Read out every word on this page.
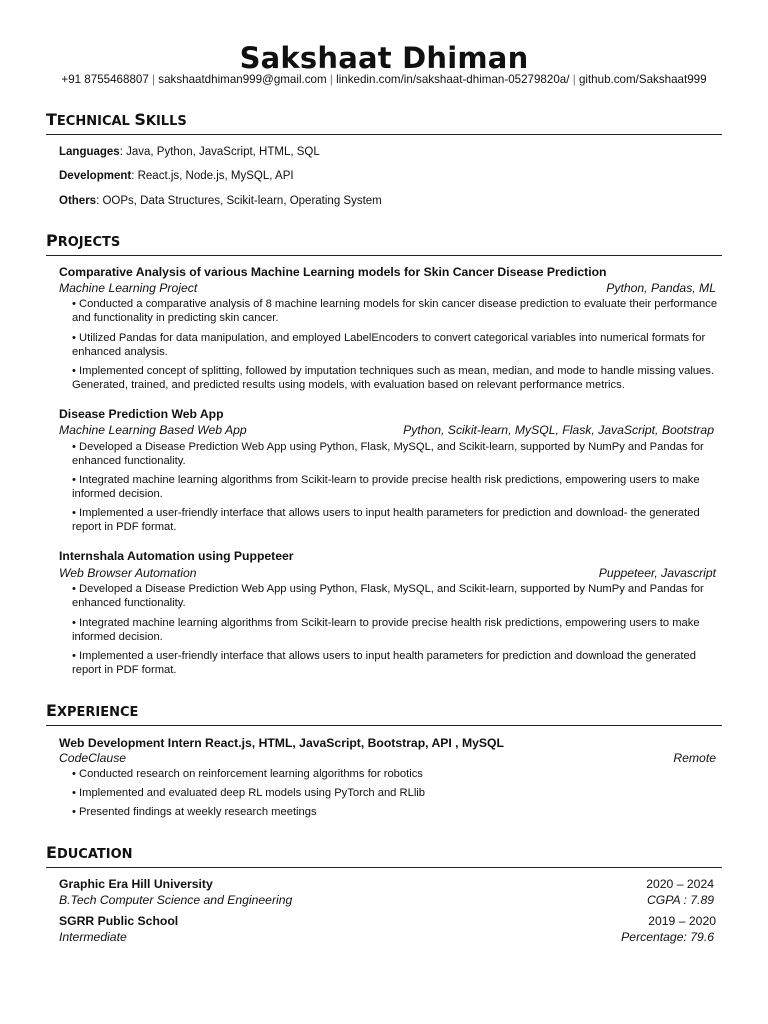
Sakshaat Dhiman
+91 8755468807 | sakshaatdhiman999@gmail.com | linkedin.com/in/sakshaat-dhiman-05279820a/ | github.com/Sakshaat999
TECHNICAL SKILLS
Languages: Java, Python, JavaScript, HTML, SQL
Development: React.js, Node.js, MySQL, API
Others: OOPs, Data Structures, Scikit-learn, Operating System
PROJECTS
Comparative Analysis of various Machine Learning models for Skin Cancer Disease Prediction
Machine Learning Project	Python, Pandas, ML
• Conducted a comparative analysis of 8 machine learning models for skin cancer disease prediction to evaluate their performance and functionality in predicting skin cancer.
• Utilized Pandas for data manipulation, and employed LabelEncoders to convert categorical variables into numerical formats for enhanced analysis.
• Implemented concept of splitting, followed by imputation techniques such as mean, median, and mode to handle missing values. Generated, trained, and predicted results using models, with evaluation based on relevant performance metrics.
Disease Prediction Web App
Machine Learning Based Web App	Python, Scikit-learn, MySQL, Flask, JavaScript, Bootstrap
• Developed a Disease Prediction Web App using Python, Flask, MySQL, and Scikit-learn, supported by NumPy and Pandas for enhanced functionality.
• Integrated machine learning algorithms from Scikit-learn to provide precise health risk predictions, empowering users to make informed decision.
• Implemented a user-friendly interface that allows users to input health parameters for prediction and download- the generated report in PDF format.
Internshala Automation using Puppeteer
Web Browser Automation	Puppeteer, Javascript
• Developed a Disease Prediction Web App using Python, Flask, MySQL, and Scikit-learn, supported by NumPy and Pandas for enhanced functionality.
• Integrated machine learning algorithms from Scikit-learn to provide precise health risk predictions, empowering users to make informed decision.
• Implemented a user-friendly interface that allows users to input health parameters for prediction and download the generated report in PDF format.
EXPERIENCE
Web Development Intern React.js, HTML, JavaScript, Bootstrap, API , MySQL
CodeClause	Remote
• Conducted research on reinforcement learning algorithms for robotics
• Implemented and evaluated deep RL models using PyTorch and RLlib
• Presented findings at weekly research meetings
EDUCATION
Graphic Era Hill University	2020 – 2024
B.Tech Computer Science and Engineering	CGPA : 7.89
SGRR Public School	2019 – 2020
Intermediate	Percentage: 79.6
